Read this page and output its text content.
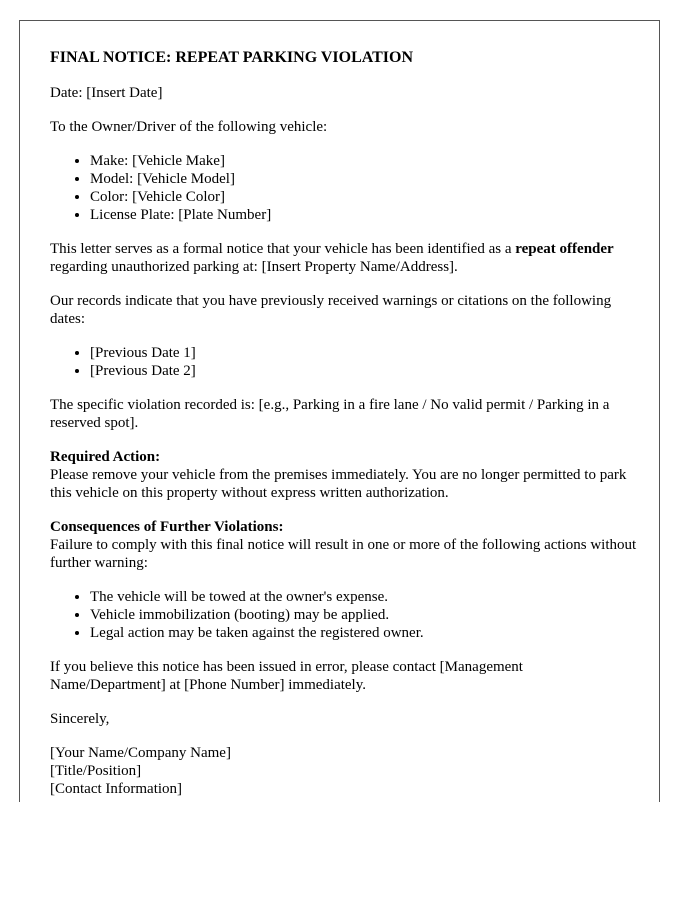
FINAL NOTICE: REPEAT PARKING VIOLATION

Date: [Insert Date]

To the Owner/Driver of the following vehicle:

• Make: [Vehicle Make]
• Model: [Vehicle Model]
• Color: [Vehicle Color]
• License Plate: [Plate Number]

This letter serves as a formal notice that your vehicle has been identified as a repeat offender regarding unauthorized parking at: [Insert Property Name/Address].

Our records indicate that you have previously received warnings or citations on the following dates:

• [Previous Date 1]
• [Previous Date 2]

The specific violation recorded is: [e.g., Parking in a fire lane / No valid permit / Parking in a reserved spot].

Required Action:
Please remove your vehicle from the premises immediately. You are no longer permitted to park this vehicle on this property without express written authorization.

Consequences of Further Violations:
Failure to comply with this final notice will result in one or more of the following actions without further warning:

• The vehicle will be towed at the owner's expense.
• Vehicle immobilization (booting) may be applied.
• Legal action may be taken against the registered owner.

If you believe this notice has been issued in error, please contact [Management Name/Department] at [Phone Number] immediately.

Sincerely,

[Your Name/Company Name]
[Title/Position]
[Contact Information]
